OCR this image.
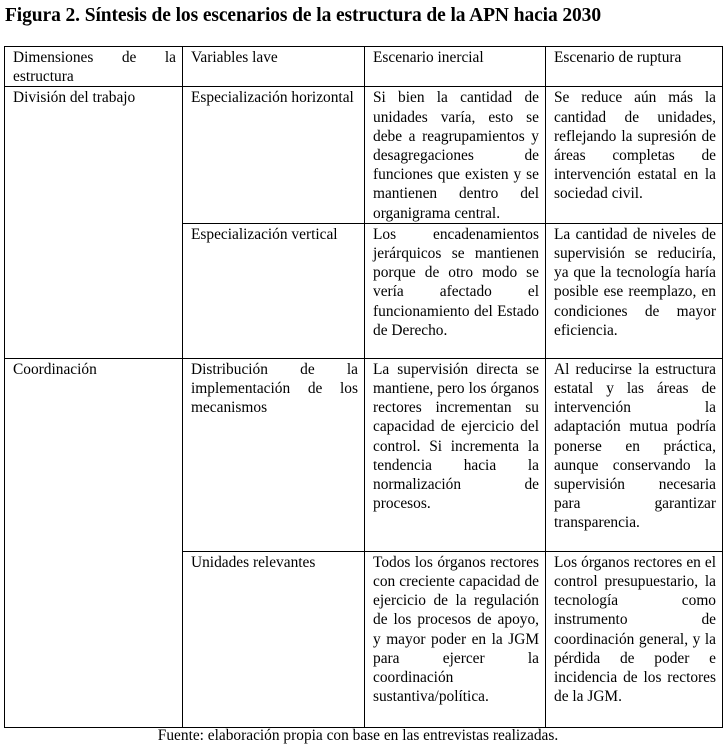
Figura 2. Síntesis de los escenarios de la estructura de la APN hacia 2030
Dimensiones de la estructura	Variables lave	Escenario inercial	Escenario de ruptura
División del trabajo	Especialización horizontal	Si bien la cantidad de unidades varía, esto se debe a reagrupamientos y desagregaciones de funciones que existen y se mantienen dentro del organigrama central.	Se reduce aún más la cantidad de unidades, reflejando la supresión de áreas completas de intervención estatal en la sociedad civil.
	Especialización vertical	Los encadenamientos jerárquicos se mantienen porque de otro modo se vería afectado el funcionamiento del Estado de Derecho.	La cantidad de niveles de supervisión se reduciría, ya que la tecnología haría posible ese reemplazo, en condiciones de mayor eficiencia.
Coordinación	Distribución de la implementación de los mecanismos	La supervisión directa se mantiene, pero los órganos rectores incrementan su capacidad de ejercicio del control. Si incrementa la tendencia hacia la normalización de procesos.	Al reducirse la estructura estatal y las áreas de intervención la adaptación mutua podría ponerse en práctica, aunque conservando la supervisión necesaria para garantizar transparencia.
	Unidades relevantes	Todos los órganos rectores con creciente capacidad de ejercicio de la regulación de los procesos de apoyo, y mayor poder en la JGM para ejercer la coordinación sustantiva/política.	Los órganos rectores en el control presupuestario, la tecnología como instrumento de coordinación general, y la pérdida de poder e incidencia de los rectores de la JGM.
Fuente: elaboración propia con base en las entrevistas realizadas.
